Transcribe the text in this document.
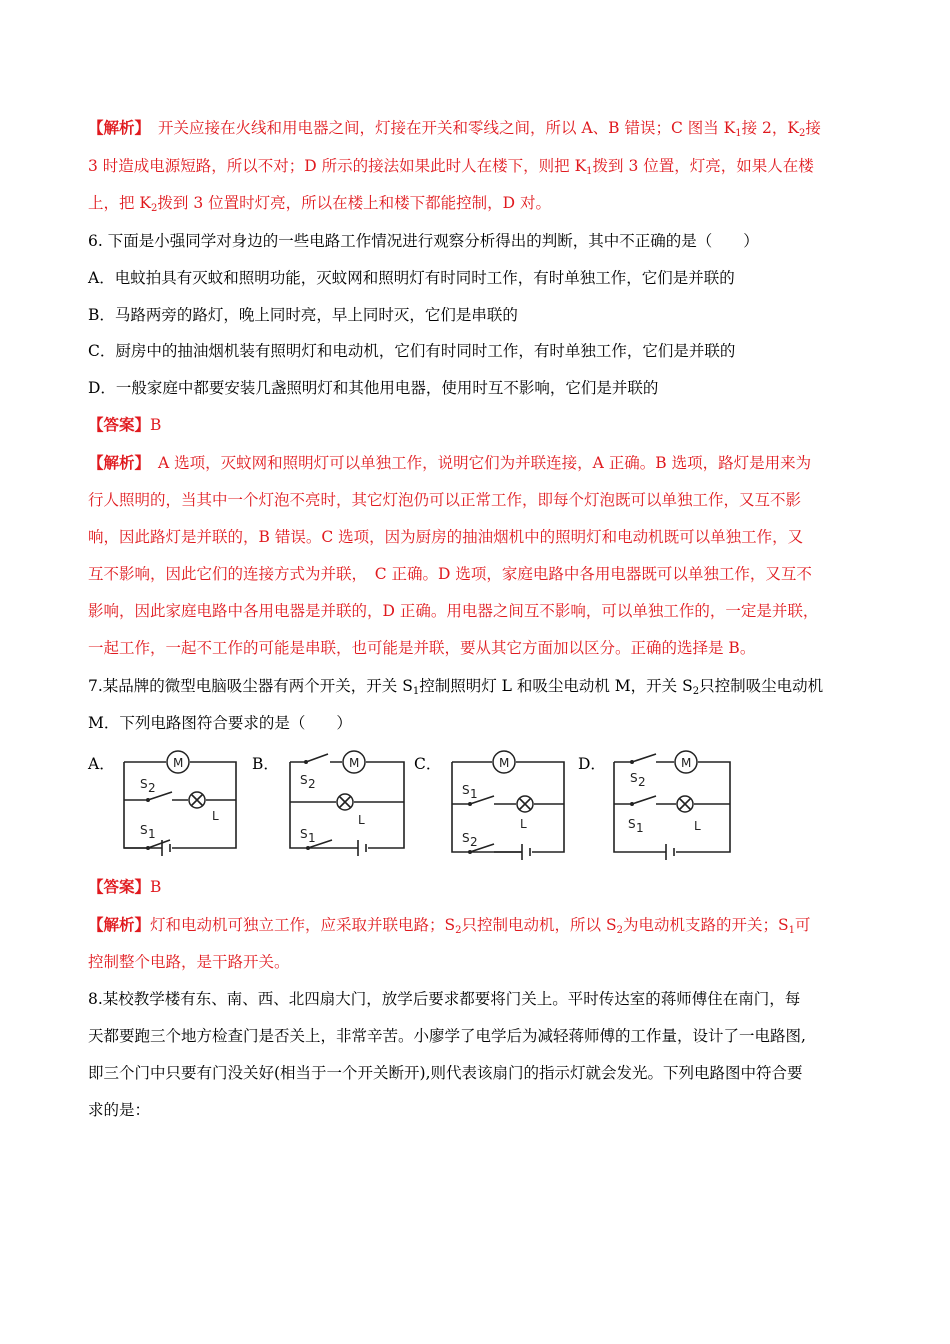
【解析】 开关应接在火线和用电器之间，灯接在开关和零线之间，所以 A、B 错误；C 图当 $K_1$接 2，$K_2$接
3 时造成电源短路，所以不对；D 所示的接法如果此时人在楼下，则把 $K_1$拨到 3 位置，灯亮，如果人在楼
上，把 $K_2$拨到 3 位置时灯亮，所以在楼上和楼下都能控制，D 对。
6. 下面是小强同学对身边的一些电路工作情况进行观察分析得出的判断，其中不正确的是（　　）
A．电蚊拍具有灭蚊和照明功能，灭蚊网和照明灯有时同时工作，有时单独工作，它们是并联的
B．马路两旁的路灯，晚上同时亮，早上同时灭，它们是串联的
C．厨房中的抽油烟机装有照明灯和电动机，它们有时同时工作，有时单独工作，它们是并联的
D．一般家庭中都要安装几盏照明灯和其他用电器，使用时互不影响，它们是并联的
【答案】B
【解析】 A 选项，灭蚊网和照明灯可以单独工作，说明它们为并联连接，A 正确。B 选项，路灯是用来为
行人照明的，当其中一个灯泡不亮时，其它灯泡仍可以正常工作，即每个灯泡既可以单独工作，又互不影
响，因此路灯是并联的，B 错误。C 选项，因为厨房的抽油烟机中的照明灯和电动机既可以单独工作，又
互不影响，因此它们的连接方式为并联，　C 正确。D 选项，家庭电路中各用电器既可以单独工作，又互不
影响，因此家庭电路中各用电器是并联的，D 正确。用电器之间互不影响，可以单独工作的，一定是并联，
一起工作，一起不工作的可能是串联，也可能是并联，要从其它方面加以区分。正确的选择是 B。
7.某品牌的微型电脑吸尘器有两个开关，开关 $S_1$控制照明灯 L 和吸尘电动机 M，开关 $S_2$只控制吸尘电动机
M．下列电路图符合要求的是（　　）
A．	B．	C．	D．
M
S 2
L
S 1
M
S 2
L
S 1
M
S 1
L
S 2
M
S 2
S 1	L
【答案】B
【解析】灯和电动机可独立工作，应采取并联电路；$S_2$只控制电动机，所以 $S_2$为电动机支路的开关；$S_1$可
控制整个电路，是干路开关。
8.某校教学楼有东、南、西、北四扇大门，放学后要求都要将门关上。平时传达室的蒋师傅住在南门，每
天都要跑三个地方检查门是否关上，非常辛苦。小廖学了电学后为减轻蒋师傅的工作量，设计了一电路图,
即三个门中只要有门没关好(相当于一个开关断开),则代表该扇门的指示灯就会发光。下列电路图中符合要
求的是：
